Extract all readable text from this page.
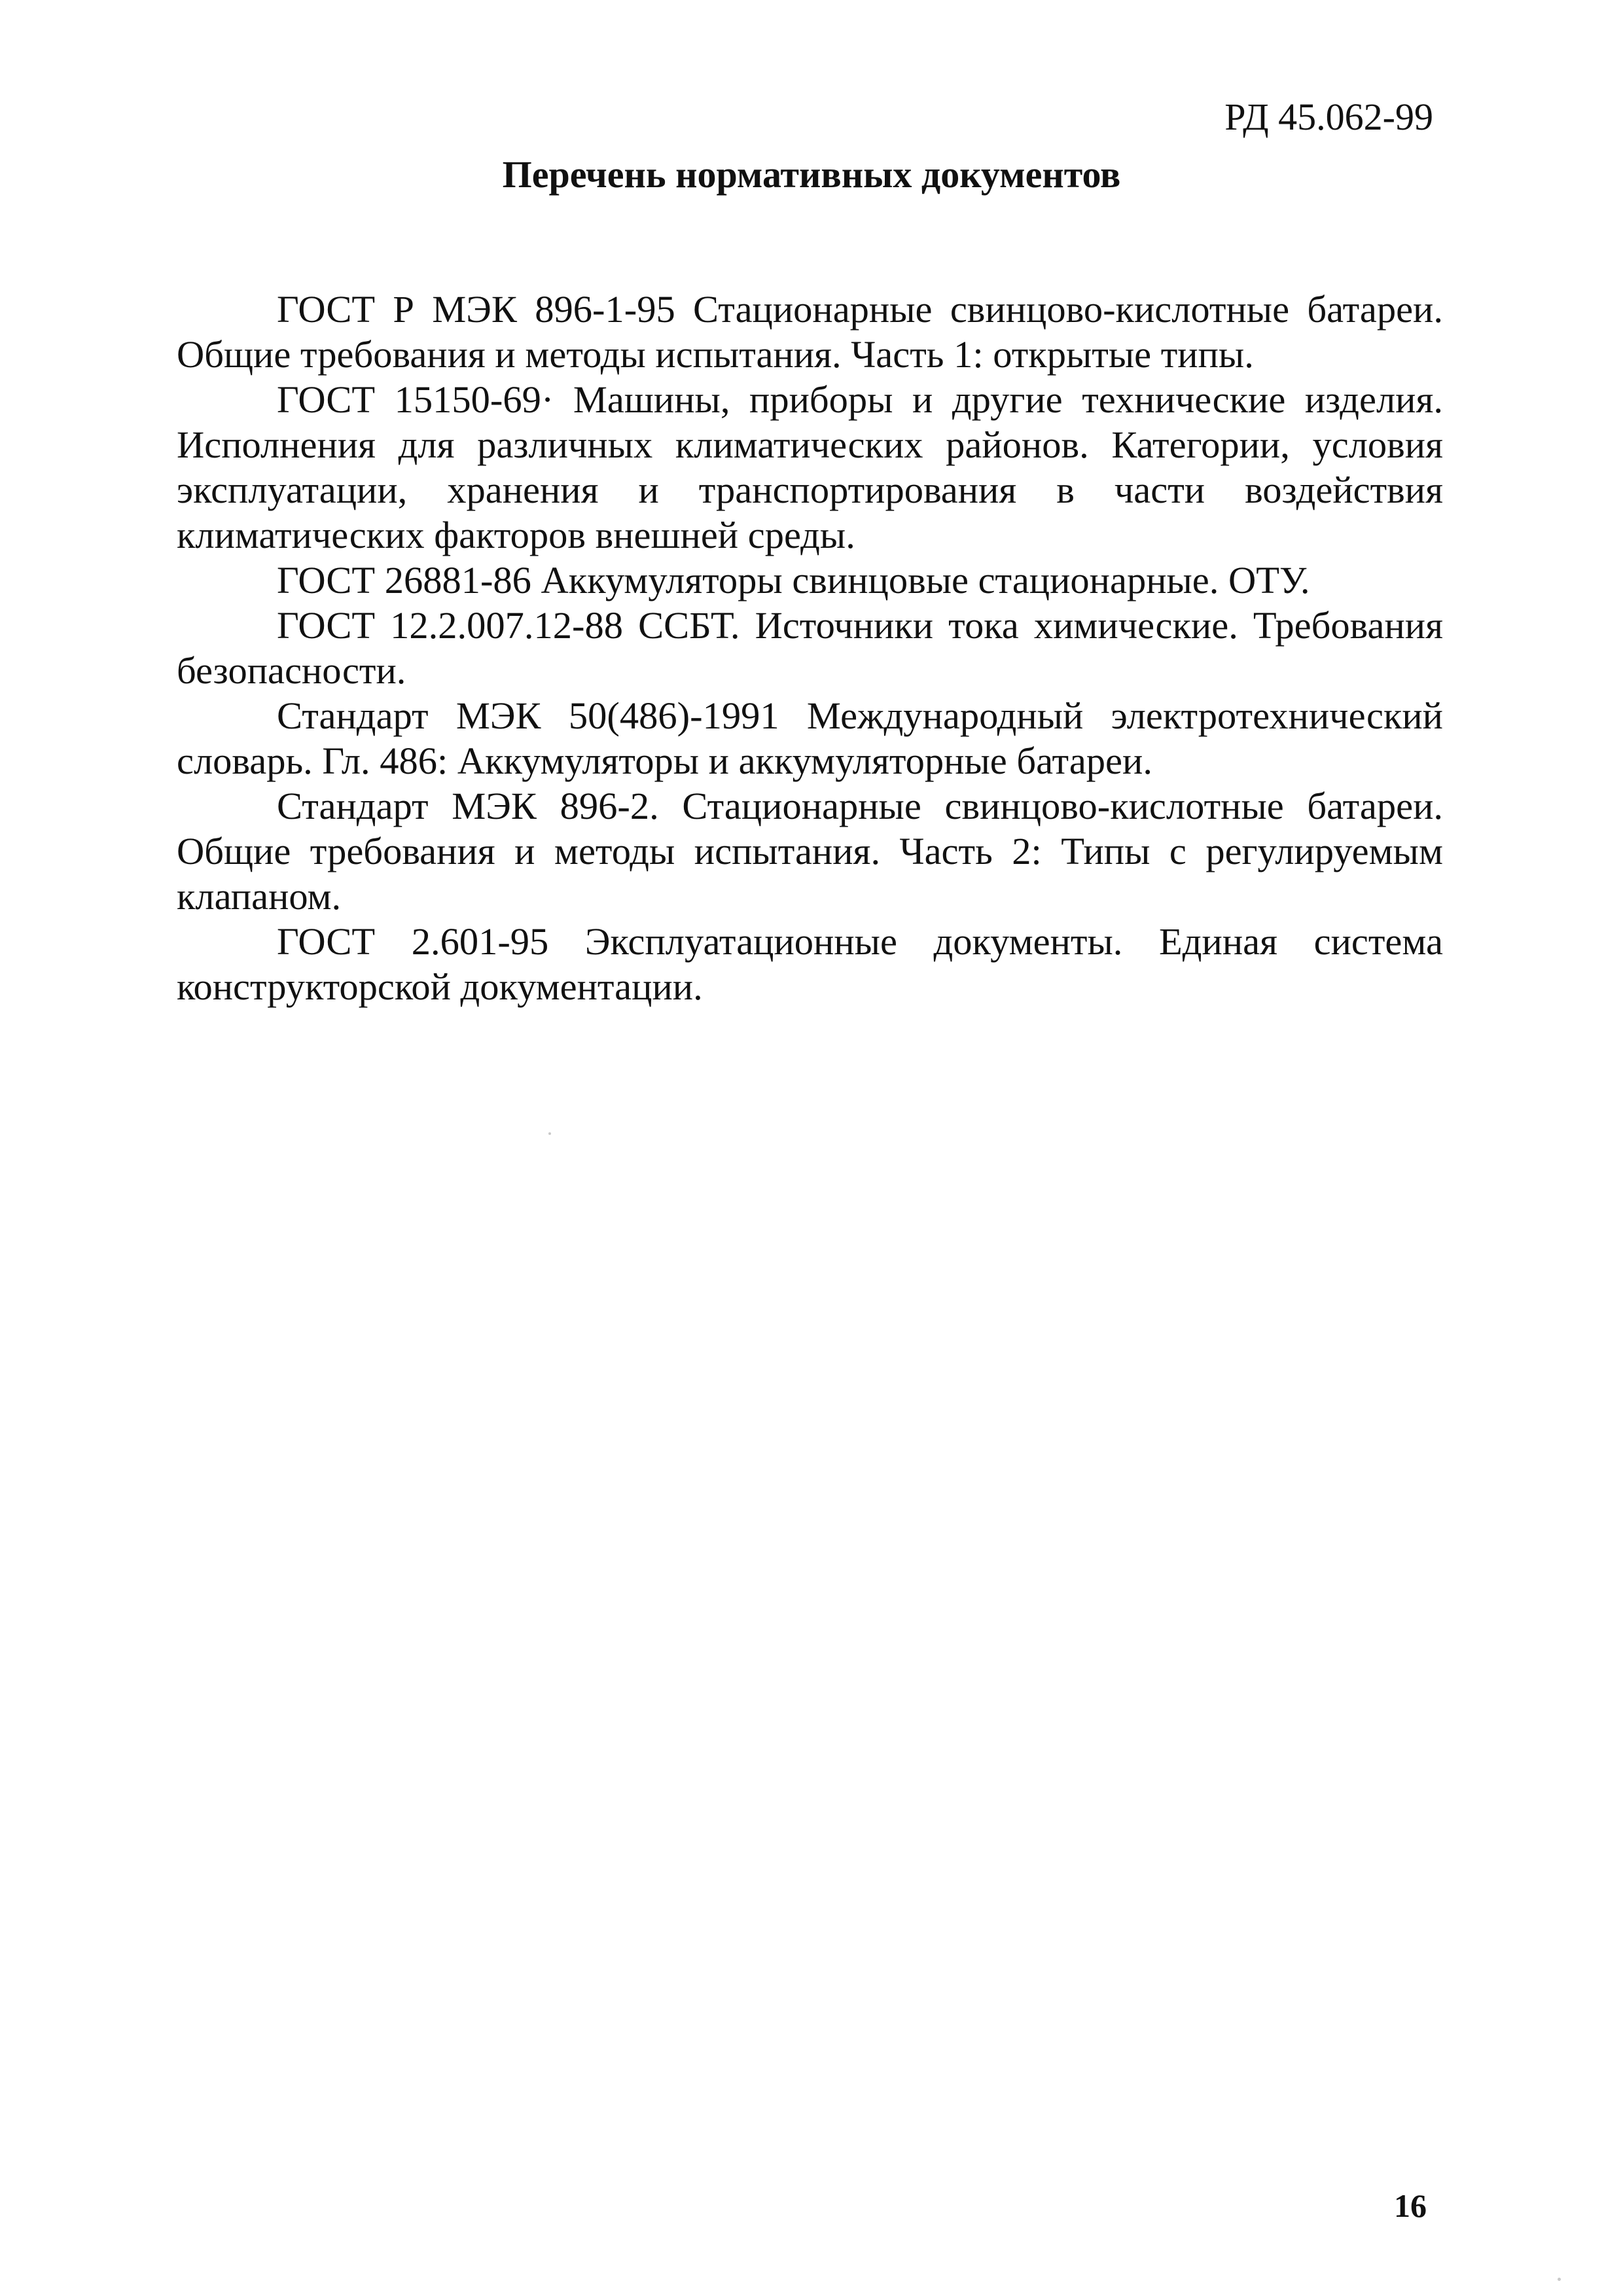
РД 45.062-99
Перечень нормативных документов
ГОСТ Р МЭК 896-1-95 Стационарные свинцово-кислотные батареи. Общие требования и методы испытания. Часть 1: открытые типы.
ГОСТ 15150-69· Машины, приборы и другие технические изделия. Исполнения для различных климатических районов. Категории, условия эксплуатации, хранения и транспортирования в части воздействия климатических факторов внешней среды.
ГОСТ 26881-86 Аккумуляторы свинцовые стационарные. ОТУ.
ГОСТ 12.2.007.12-88 ССБТ. Источники тока химические. Требования безопасности.
Стандарт МЭК 50(486)-1991 Международный электротехнический словарь. Гл. 486: Аккумуляторы и аккумуляторные батареи.
Стандарт МЭК 896-2. Стационарные свинцово-кислотные батареи. Общие требования и методы испытания. Часть 2: Типы с регулируемым клапаном.
ГОСТ 2.601-95 Эксплуатационные документы. Единая система конструкторской документации.
16
